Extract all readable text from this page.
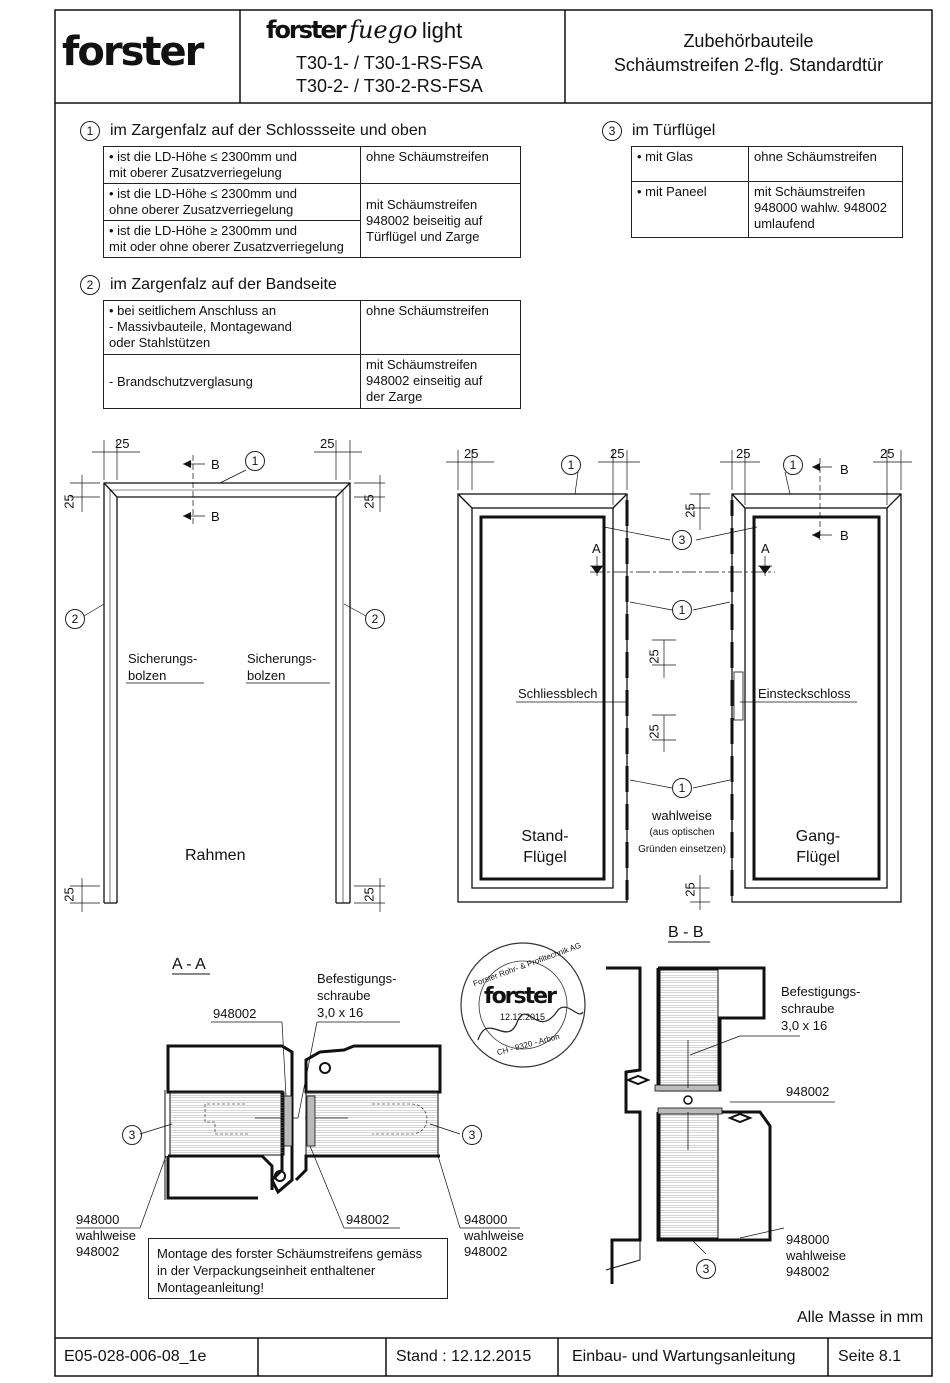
forster	forster fuego light
T30-1- / T30-1-RS-FSA
T30-2- / T30-2-RS-FSA
Zubehörbauteile
Schäumstreifen 2-flg. Standardtür
1 im Zargenfalz auf der Schlossseite und oben
• ist die LD-Höhe ≤ 2300mm und
mit oberer Zusatzverriegelung	ohne Schäumstreifen
• ist die LD-Höhe ≤ 2300mm und
ohne oberer Zusatzverriegelung	mit Schäumstreifen
948002 beiseitig auf
Türflügel und Zarge
• ist die LD-Höhe ≥ 2300mm und
mit oder ohne oberer Zusatzverriegelung	
3 im Türflügel
• mit Glas	ohne Schäumstreifen
• mit Paneel	mit Schäumstreifen
948000 wahlw. 948002
umlaufend
2 im Zargenfalz auf der Bandseite
• bei seitlichem Anschluss an
- Massivbauteile, Montagewand
oder Stahlstützen	ohne Schäumstreifen
- Brandschutzverglasung	mit Schäumstreifen
948002 einseitig auf
der Zarge
1
2	2
1	1
3
1
1
25	25
25	25
25	25
25	25	25	25
25
25
25
25
B
B
B
B
A	A
Sicherungs-
bolzen
Sicherungs-
bolzen
Rahmen
Schliessblech	Einsteckschloss
Stand-
Flügel
Gang-
Flügel
wahlweise
(aus optischen
Gründen einsetzen)
A - A
B - B
Befestigungs-
schraube
3,0 x 16
948002
3	3
948000
wahlweise
948002
948002	948000
wahlweise
948002
Befestigungs-
schraube
3,0 x 16
948002
3
948000
wahlweise
948002
Montage des forster Schäumstreifens gemäss
in der Verpackungseinheit enthaltener
Montageanleitung!
Forster Rohr- & Profiltechnik AG
forster
12.12.2015
CH - 9320 - Arbon
Alle Masse in mm
E05-028-006-08_1e	Stand : 12.12.2015	Einbau- und Wartungsanleitung	Seite 8.1
